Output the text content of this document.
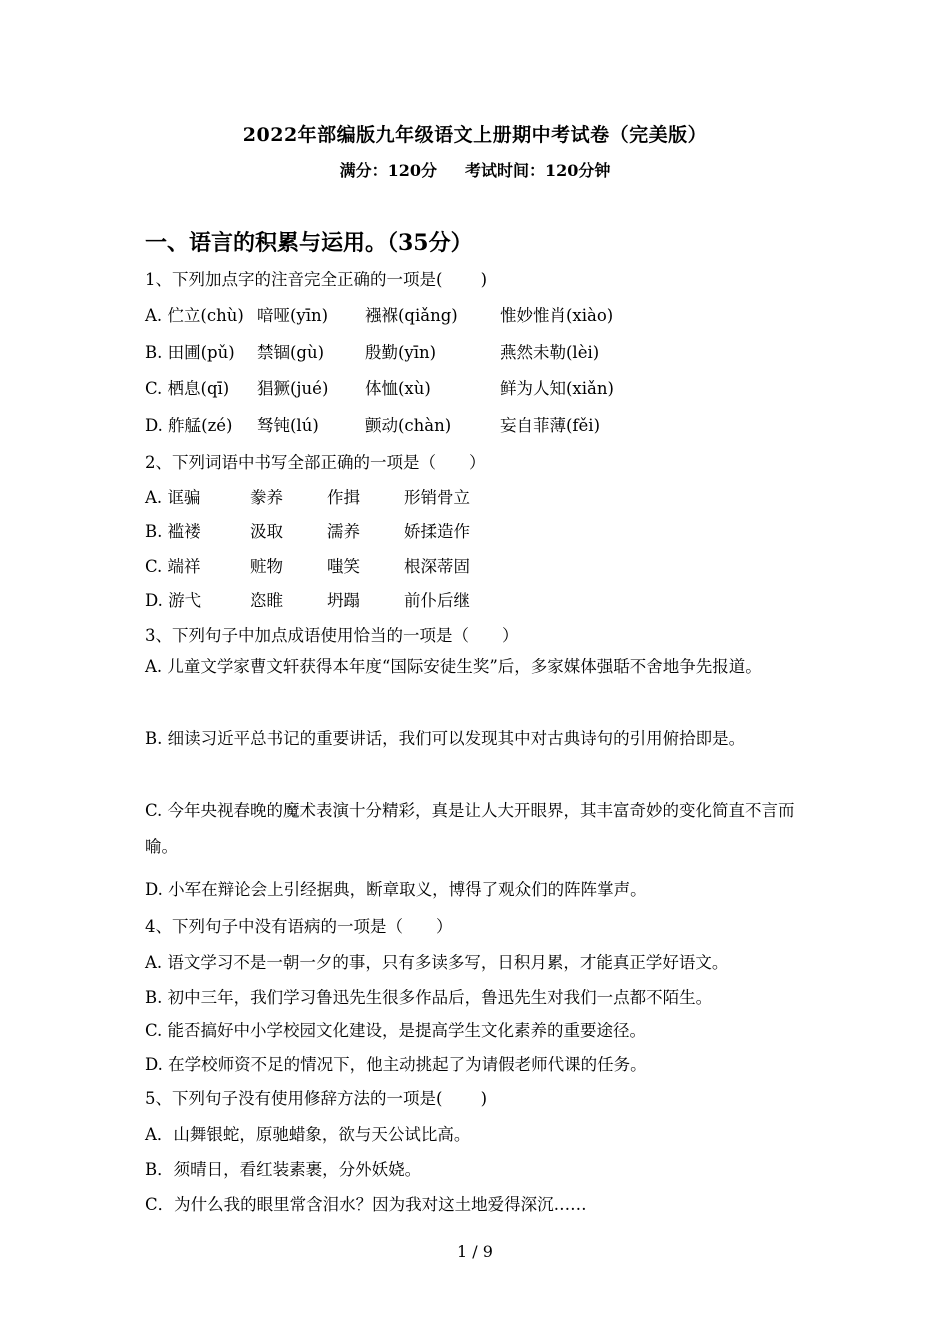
2022年部编版九年级语文上册期中考试卷（完美版）
满分：120分 考试时间：120分钟
一、语言的积累与运用。（35分）
1、下列加点字的注音完全正确的一项是(　　 )
A. 伫立(chù) 喑哑(yīn) 襁褓(qiǎng)	惟妙惟肖(xiào)
B. 田圃(pǔ) 禁锢(gù) 殷勤(yīn)	燕然未勒(lèi)
C. 栖息(qī) 猖獗(jué) 体恤(xù)	鲜为人知(xiǎn)
D. 舴艋(zé) 驽钝(lú)	颤动(chàn)	妄自菲薄(fěi)
2、下列词语中书写全部正确的一项是（　　）
A. 诓骗	豢养	作揖	形销骨立
B. 褴褛	汲取	濡养	娇揉造作
C. 端祥	赃物	嗤笑	根深蒂固
D. 游弋	恣睢	坍蹋	前仆后继
3、下列句子中加点成语使用恰当的一项是（　　）
A. 儿童文学家曹文轩获得本年度“国际安徒生奖”后，多家媒体强聒不舍地争先报道。
B. 细读习近平总书记的重要讲话，我们可以发现其中对古典诗句的引用俯拾即是。
C. 今年央视春晚的魔术表演十分精彩，真是让人大开眼界，其丰富奇妙的变化简直不言而喻。
D. 小军在辩论会上引经据典，断章取义，博得了观众们的阵阵掌声。
4、下列句子中没有语病的一项是（　　）
A. 语文学习不是一朝一夕的事，只有多读多写，日积月累，才能真正学好语文。
B. 初中三年，我们学习鲁迅先生很多作品后，鲁迅先生对我们一点都不陌生。
C. 能否搞好中小学校园文化建设，是提高学生文化素养的重要途径。
D. 在学校师资不足的情况下，他主动挑起了为请假老师代课的任务。
5、下列句子没有使用修辞方法的一项是(　　 )
A．山舞银蛇，原驰蜡象，欲与天公试比高。
B．须晴日，看红装素裹，分外妖娆。
C．为什么我的眼里常含泪水？因为我对这土地爱得深沉……
1 / 9
